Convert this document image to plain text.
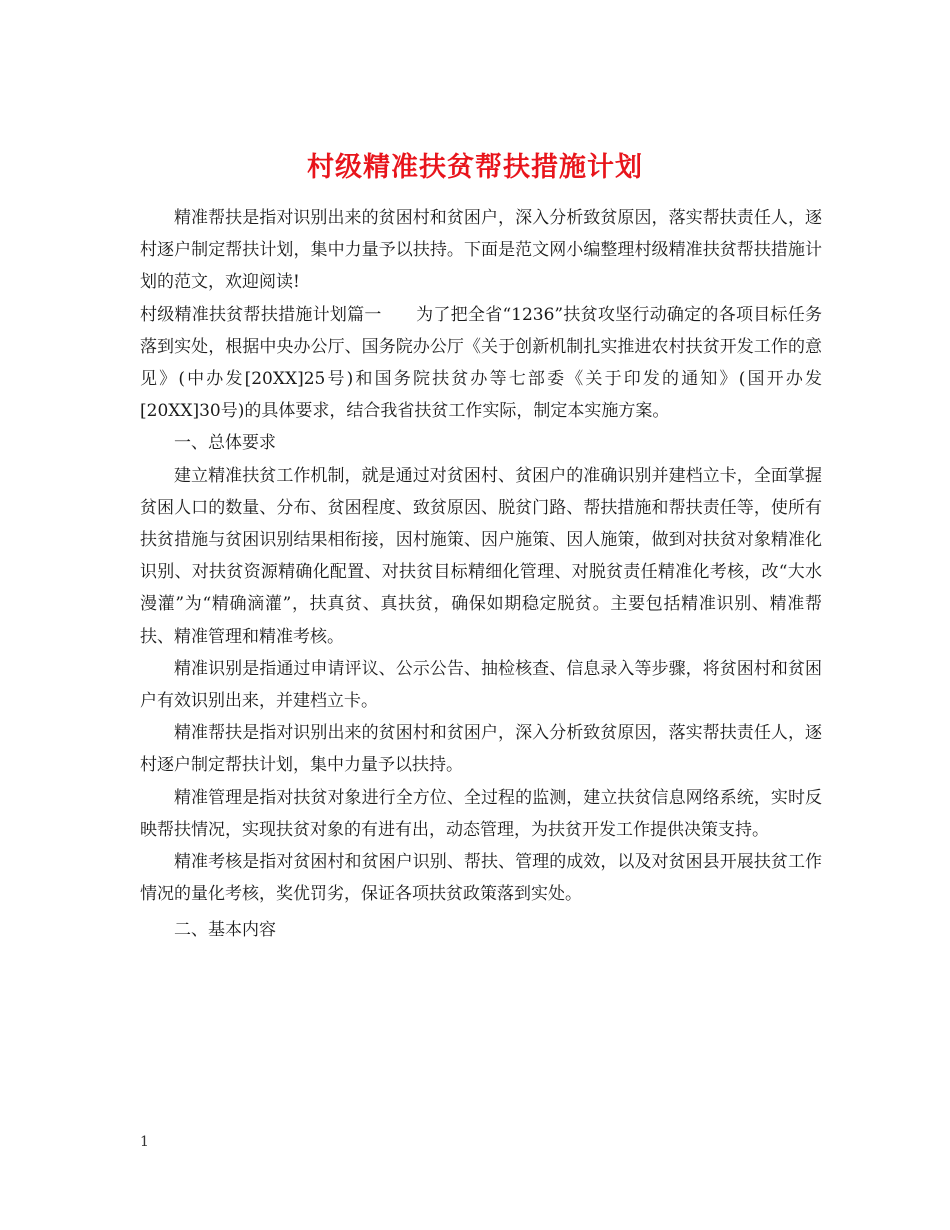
村级精准扶贫帮扶措施计划

精准帮扶是指对识别出来的贫困村和贫困户，深入分析致贫原因，落实帮扶责任人，逐村逐户制定帮扶计划，集中力量予以扶持。下面是范文网小编整理村级精准扶贫帮扶措施计划的范文，欢迎阅读!

村级精准扶贫帮扶措施计划篇一　　为了把全省“1236”扶贫攻坚行动确定的各项目标任务落到实处，根据中央办公厅、国务院办公厅《关于创新机制扎实推进农村扶贫开发工作的意见》(中办发[20XX]25号)和国务院扶贫办等七部委《关于印发的通知》(国开办发[20XX]30号)的具体要求，结合我省扶贫工作实际，制定本实施方案。

一、总体要求

建立精准扶贫工作机制，就是通过对贫困村、贫困户的准确识别并建档立卡，全面掌握贫困人口的数量、分布、贫困程度、致贫原因、脱贫门路、帮扶措施和帮扶责任等，使所有扶贫措施与贫困识别结果相衔接，因村施策、因户施策、因人施策，做到对扶贫对象精准化识别、对扶贫资源精确化配置、对扶贫目标精细化管理、对脱贫责任精准化考核，改“大水漫灌”为“精确滴灌”，扶真贫、真扶贫，确保如期稳定脱贫。主要包括精准识别、精准帮扶、精准管理和精准考核。

精准识别是指通过申请评议、公示公告、抽检核查、信息录入等步骤，将贫困村和贫困户有效识别出来，并建档立卡。

精准帮扶是指对识别出来的贫困村和贫困户，深入分析致贫原因，落实帮扶责任人，逐村逐户制定帮扶计划，集中力量予以扶持。

精准管理是指对扶贫对象进行全方位、全过程的监测，建立扶贫信息网络系统，实时反映帮扶情况，实现扶贫对象的有进有出，动态管理，为扶贫开发工作提供决策支持。

精准考核是指对贫困村和贫困户识别、帮扶、管理的成效，以及对贫困县开展扶贫工作情况的量化考核，奖优罚劣，保证各项扶贫政策落到实处。

二、基本内容

1
